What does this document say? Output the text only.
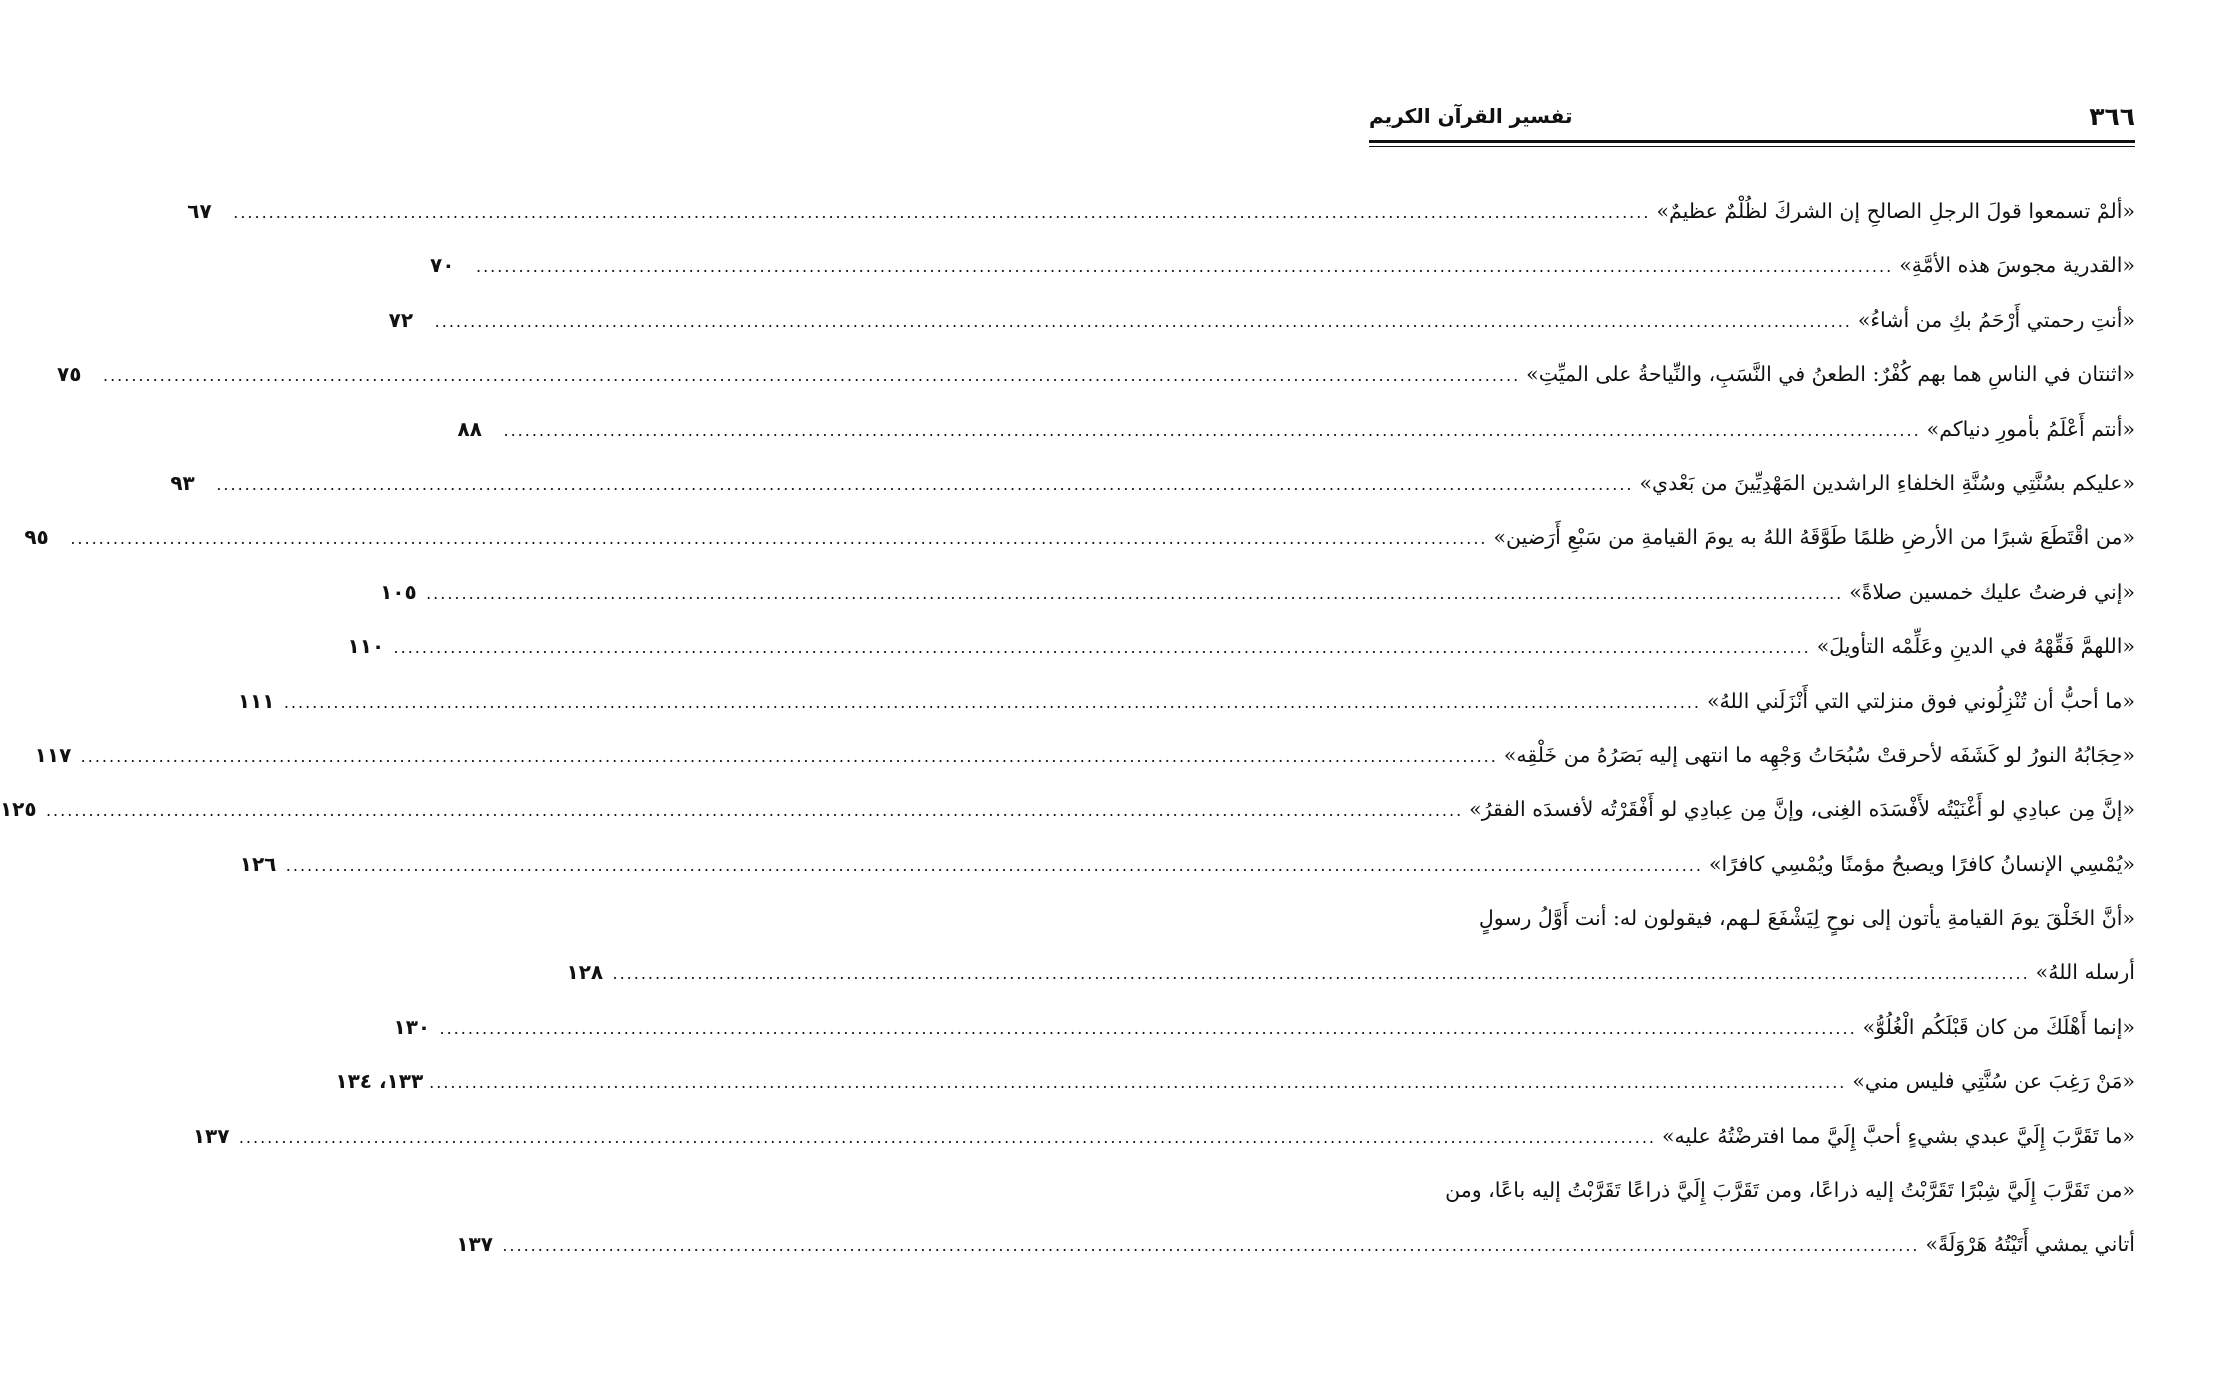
٣٦٦
تفسير القرآن الكريم
«ألمْ تسمعوا قولَ الرجلِ الصالحِ إن الشركَ لظُلْمٌ عظيمٌ»
........................................................................................................................................................................................................
٦٧
«القدرية مجوسَ هذه الأمَّةِ»
........................................................................................................................................................................................................
٧٠
«أنتِ رحمتي أَرْحَمُ بكِ من أشاءُ»
........................................................................................................................................................................................................
٧٢
«اثنتان في الناسِ هما بهم كُفْرٌ: الطعنُ في النَّسَبِ، والنِّياحةُ على الميِّتِ»
........................................................................................................................................................................................................
٧٥
«أنتم أَعْلَمُ بأمورِ دنياكم»
........................................................................................................................................................................................................
٨٨
«عليكم بسُنَّتِي وسُنَّةِ الخلفاءِ الراشدين المَهْدِيِّينَ من بَعْدي»
........................................................................................................................................................................................................
٩٣
«من اقْتَطَعَ شبرًا من الأرضِ ظلمًا طَوَّقَهُ اللهُ به يومَ القيامةِ من سَبْعِ أَرَضين»
........................................................................................................................................................................................................
٩٥
«إني فرضتُ عليك خمسين صلاةً»
........................................................................................................................................................................................................
١٠٥
«اللهمَّ فَقِّهْهُ في الدينِ وعَلِّمْه التأويلَ»
........................................................................................................................................................................................................
١١٠
«ما أحبُّ أن تُنْزِلُوني فوق منزلتي التي أَنْزَلَني اللهُ»
........................................................................................................................................................................................................
١١١
«حِجَابُهُ النورُ لو كَشَفَه لأحرقتْ سُبُحَاتُ وَجْهِه ما انتهى إليه بَصَرُهُ من خَلْقِه»
........................................................................................................................................................................................................
١١٧
«إنَّ مِن عبادِي لو أَغْنَيْتُه لأَفْسَدَه الغِنى، وإنَّ مِن عِبادِي لو أَفْقَرْتُه لأفسدَه الفقرُ»
........................................................................................................................................................................................................
١٢٥
«يُمْسِي الإنسانُ كافرًا ويصبحُ مؤمنًا ويُمْسِي كافرًا»
........................................................................................................................................................................................................
١٢٦
«أنَّ الخَلْقَ يومَ القيامةِ يأتون إلى نوحٍ لِيَشْفَعَ لـهم، فيقولون له: أنت أَوَّلُ رسولٍ
أرسله اللهُ»
........................................................................................................................................................................................................
١٢٨
«إنما أَهْلَكَ من كان قَبْلَكُم الْغُلُوُّ»
........................................................................................................................................................................................................
١٣٠
«مَنْ رَغِبَ عن سُنَّتِي فليس مني»
........................................................................................................................................................................................................
١٣٣، ١٣٤
«ما تَقَرَّبَ إِلَيَّ عبدي بشيءٍ أحبَّ إِلَيَّ مما افترضْتُهُ عليه»
........................................................................................................................................................................................................
١٣٧
«من تَقَرَّبَ إِلَيَّ شِبْرًا تَقَرَّبْتُ إليه ذراعًا، ومن تَقَرَّبَ إِلَيَّ ذراعًا تَقَرَّبْتُ إليه باعًا، ومن
أتاني يمشي أَتَيْتُهُ هَرْوَلَةً»
........................................................................................................................................................................................................
١٣٧
